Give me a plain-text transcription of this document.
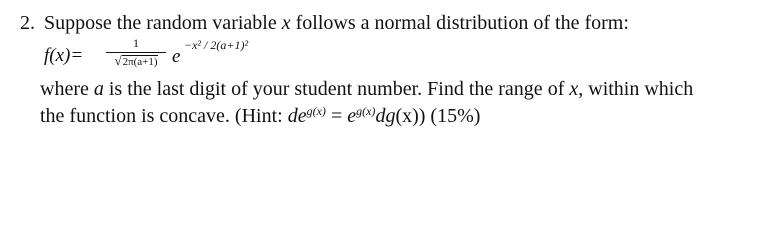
2. Suppose the random variable x follows a normal distribution of the form:
f(x)=
1
√2π(a+1) e
−x² / 2(a+1)²
where a is the last digit of your student number. Find the range of x, within which
the function is concave. (Hint: $de^{g(x)} = e^{g(x)}dg(x)$) (15%)
